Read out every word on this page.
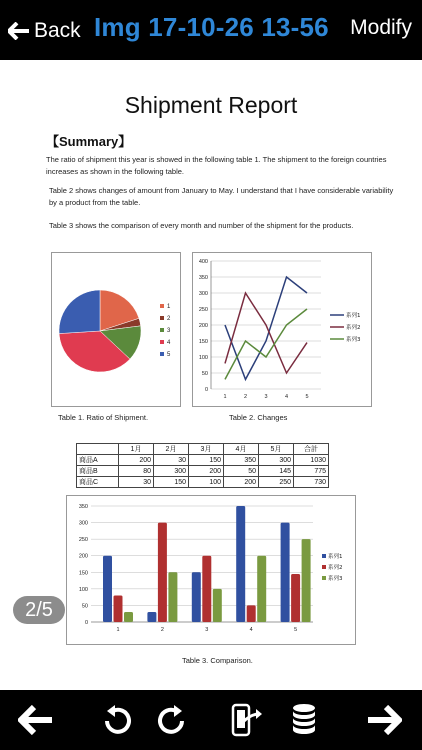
Back Img 17-10-26 13-56 Modify
Shipment Report
【Summary】
The ratio of shipment this year is showed in the following table 1. The shipment to the foreign countries increases as shown in the following table.
Table 2 shows changes of amount from January to May. I understand that I have considerable variability by a product from the table.
Table 3 shows the comparison of every month and number of the shipment for the products.
1
2
3
4
5
Table 1. Ratio of Shipment.
0
50
100
150
200
250
300
350
400
1	2	3	4	5
系列1
系列2
系列3
Table 2. Changes
	1月	2月	3月	4月	5月	合計
商品A	200	30	150	350	300	1030
商品B	80	300	200	50	145	775
商品C	30	150	100	200	250	730
0
50
100
150
200
250
300
350
1	2	3	4	5
系列1
系列2
系列3
Table 3. Comparison.
2/5
